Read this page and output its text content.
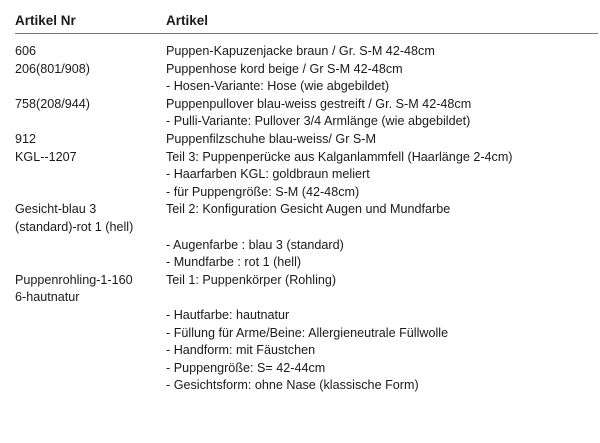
Artikel Nr	Artikel
606	Puppen-Kapuzenjacke braun / Gr. S-M 42-48cm
206(801/908)	Puppenhose kord beige / Gr S-M 42-48cm
- Hosen-Variante: Hose (wie abgebildet)
758(208/944)	Puppenpullover blau-weiss gestreift / Gr. S-M 42-48cm
- Pulli-Variante: Pullover 3/4 Armlänge (wie abgebildet)
912	Puppenfilzschuhe blau-weiss/ Gr S-M
KGL--1207	Teil 3: Puppenperücke aus Kalganlammfell (Haarlänge 2-4cm)
- Haarfarben KGL: goldbraun meliert
- für Puppengröße: S-M (42-48cm)
Gesicht-blau 3	Teil 2: Konfiguration Gesicht Augen und Mundfarbe
(standard)-rot 1 (hell)
- Augenfarbe : blau 3 (standard)
- Mundfarbe : rot 1 (hell)
Puppenrohling-1-160	Teil 1: Puppenkörper (Rohling)
6-hautnatur
- Hautfarbe: hautnatur
- Füllung für Arme/Beine: Allergieneutrale Füllwolle
- Handform: mit Fäustchen
- Puppengröße: S= 42-44cm
- Gesichtsform: ohne Nase (klassische Form)
